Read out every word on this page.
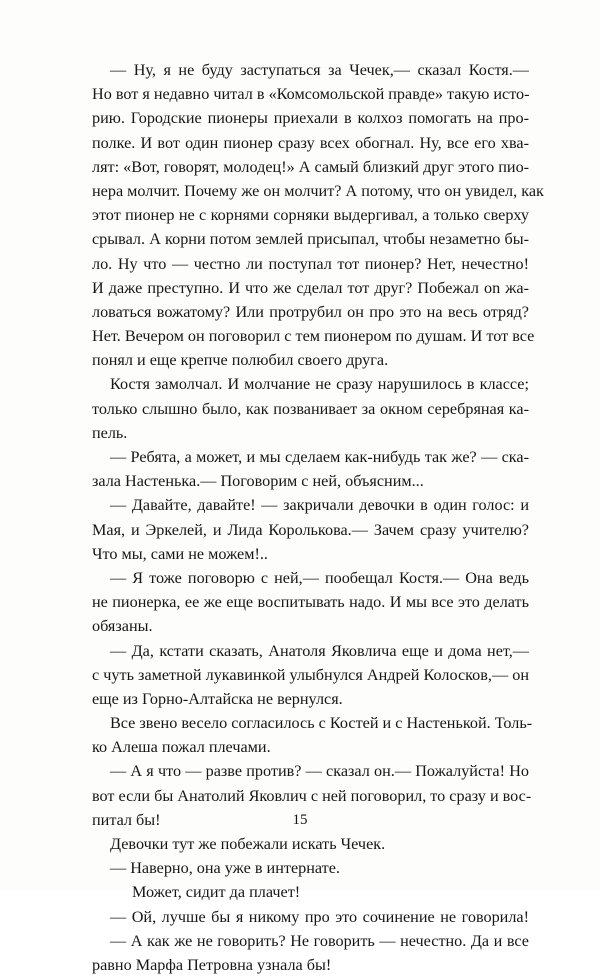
— Ну, я не буду заступаться за Чечек,— сказал Костя.—
Но вот я недавно читал в «Комсомольской правде» такую исто-
рию. Городские пионеры приехали в колхоз помогать на про-
полке. И вот один пионер сразу всех обогнал. Ну, все его хва-
лят: «Вот, говорят, молодец!» А самый близкий друг этого пио-
нера молчит. Почему же он молчит? А потому, что он увидел, как
этот пионер не с корнями сорняки выдергивал, а только сверху
срывал. А корни потом землей присыпал, чтобы незаметно бы-
ло. Ну что — честно ли поступал тот пионер? Нет, нечестно!
И даже преступно. И что же сделал тот друг? Побежал on жа-
ловаться вожатому? Или протрубил он про это на весь отряд?
Нет. Вечером он поговорил с тем пионером по душам. И тот все
понял и еще крепче полюбил своего друга.
Костя замолчал. И молчание не сразу нарушилось в классе;
только слышно было, как позванивает за окном серебряная ка-
пель.
— Ребята, а может, и мы сделаем как-нибудь так же? — ска-
зала Настенька.— Поговорим с ней, объясним...
— Давайте, давайте! — закричали девочки в один голос: и
Мая, и Эркелей, и Лида Королькова.— Зачем сразу учителю?
Что мы, сами не можем!..
— Я тоже поговорю с ней,— пообещал Костя.— Она ведь
не пионерка, ее же еще воспитывать надо. И мы все это делать
обязаны.
— Да, кстати сказать, Анатоля Яковлича еще и дома нет,—
с чуть заметной лукавинкой улыбнулся Андрей Колосков,— он
еще из Горно-Алтайска не вернулся.
Все звено весело согласилось с Костей и с Настенькой. Толь-
ко Алеша пожал плечами.
— А я что — разве против? — сказал он.— Пожалуйста! Но
вот если бы Анатолий Яковлич с ней поговорил, то сразу и вос-
питал бы!
Девочки тут же побежали искать Чечек.
— Наверно, она уже в интернате.
Может, сидит да плачет!
— Ой, лучше бы я никому про это сочинение не говорила!
— А как же не говорить? Не говорить — нечестно. Да и все
равно Марфа Петровна узнала бы!
15
